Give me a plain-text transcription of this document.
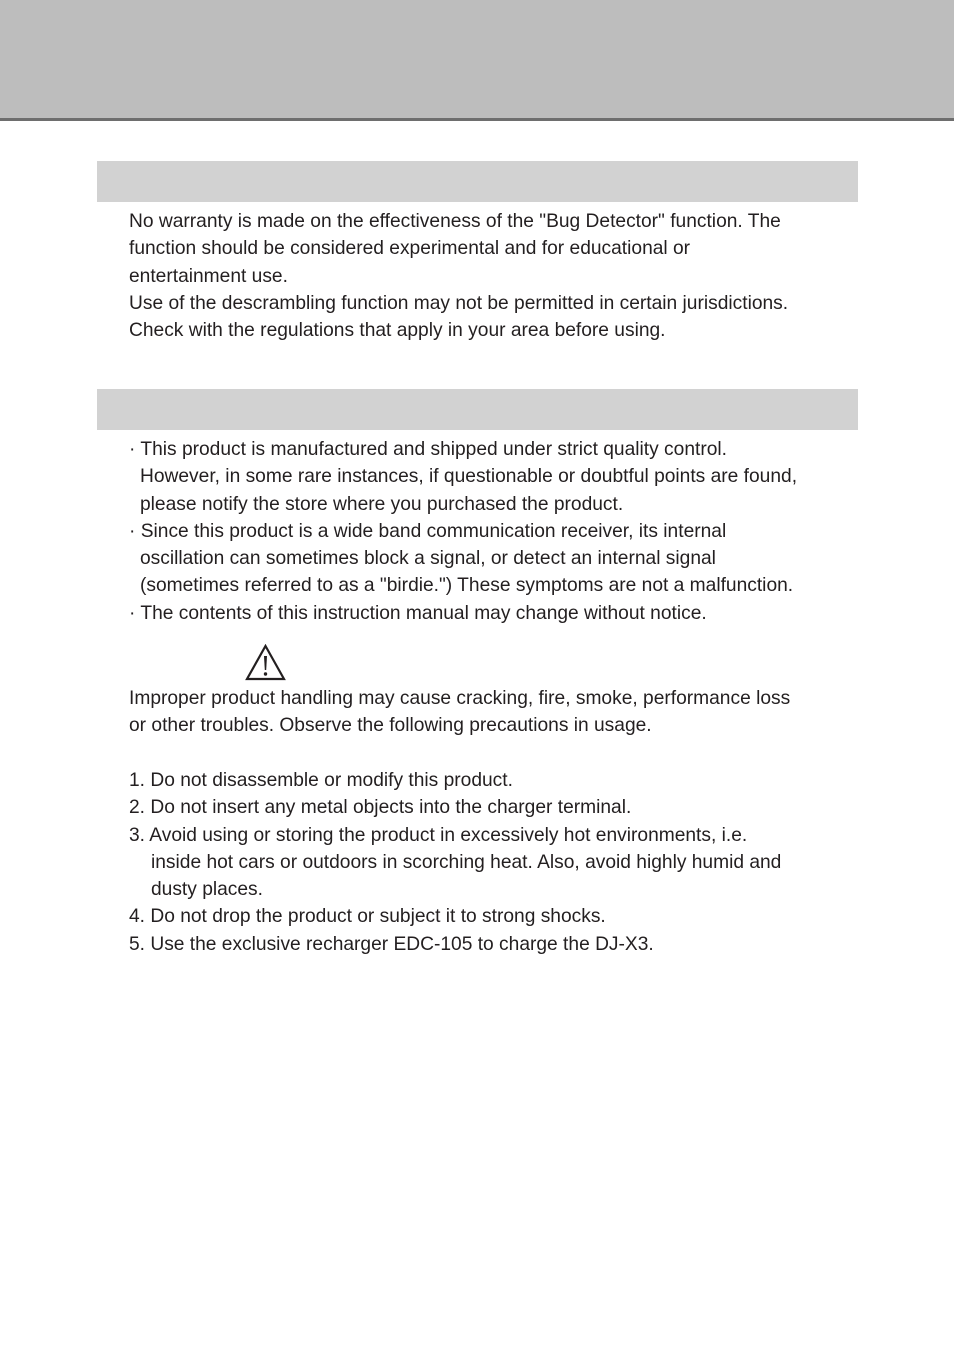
No warranty is made on the effectiveness of the "Bug Detector" function. The
function should be considered experimental and for educational or
entertainment use.
Use of the descrambling function may not be permitted in certain jurisdictions.
Check with the regulations that apply in your area before using.
· This product is manufactured and shipped under strict quality control.
However, in some rare instances, if questionable or doubtful points are found,
please notify the store where you purchased the product.
· Since this product is a wide band communication receiver, its internal
oscillation can sometimes block a signal, or detect an internal signal
(sometimes referred to as a "birdie.") These symptoms are not a malfunction.
· The contents of this instruction manual may change without notice.
Improper product handling may cause cracking, fire, smoke, performance loss
or other troubles. Observe the following precautions in usage.
1. Do not disassemble or modify this product.
2. Do not insert any metal objects into the charger terminal.
3. Avoid using or storing the product in excessively hot environments, i.e.
inside hot cars or outdoors in scorching heat. Also, avoid highly humid and
dusty places.
4. Do not drop the product or subject it to strong shocks.
5. Use the exclusive recharger EDC-105 to charge the DJ-X3.
